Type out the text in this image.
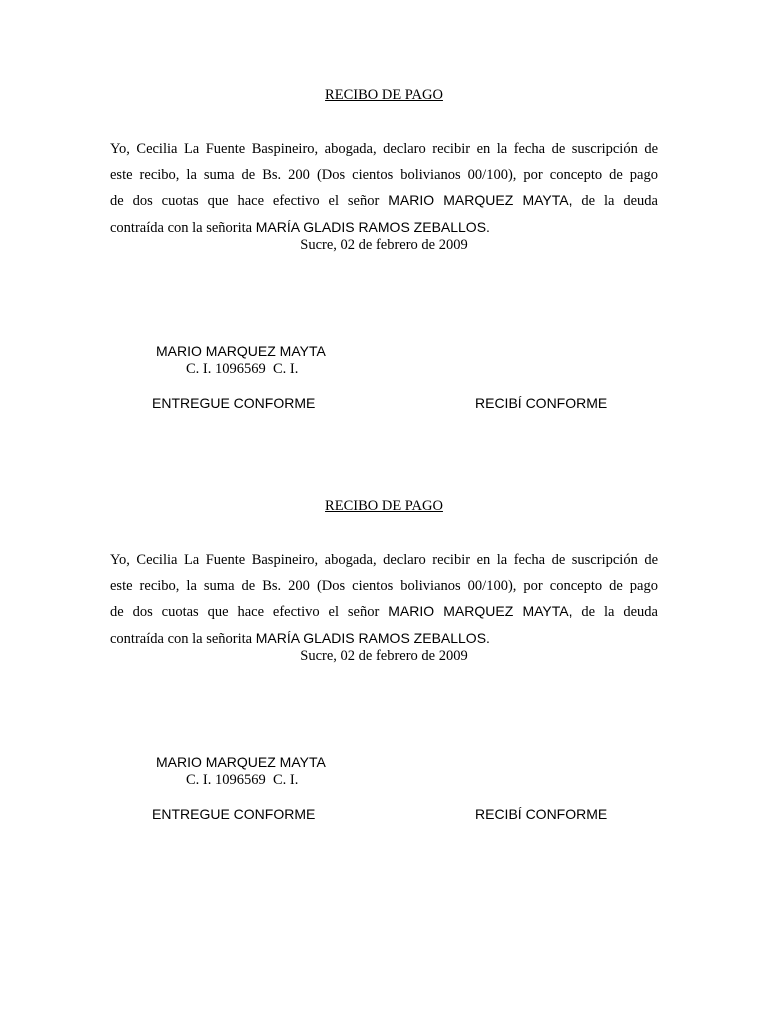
RECIBO DE PAGO

Yo, Cecilia La Fuente Baspineiro, abogada, declaro recibir en la fecha de suscripción de
este recibo, la suma de Bs. 200 (Dos cientos bolivianos 00/100), por concepto de pago
de dos cuotas que hace efectivo el señor MARIO MARQUEZ MAYTA, de la deuda
contraída con la señorita MARÍA GLADIS RAMOS ZEBALLOS.

Sucre, 02 de febrero de 2009
MARIO MARQUEZ MAYTA
C. I. 1096569  C. I.
ENTREGUE CONFORME	RECIBÍ CONFORME
RECIBO DE PAGO

Yo, Cecilia La Fuente Baspineiro, abogada, declaro recibir en la fecha de suscripción de
este recibo, la suma de Bs. 200 (Dos cientos bolivianos 00/100), por concepto de pago
de dos cuotas que hace efectivo el señor MARIO MARQUEZ MAYTA, de la deuda
contraída con la señorita MARÍA GLADIS RAMOS ZEBALLOS.

Sucre, 02 de febrero de 2009
MARIO MARQUEZ MAYTA
C. I. 1096569  C. I.
ENTREGUE CONFORME	RECIBÍ CONFORME
